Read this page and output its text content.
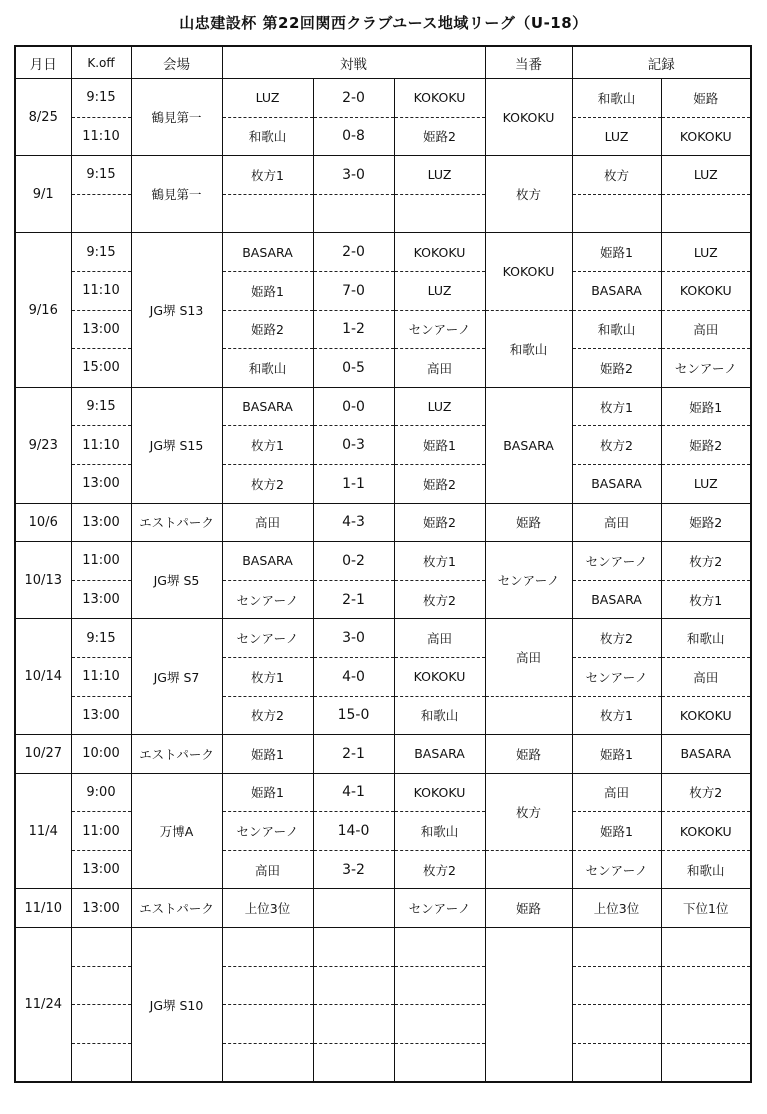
山忠建設杯 第22回関西クラブユース地域リーグ（U-18）
月日	K.off	会場	対戦			当番	記録	
8/25	9:15	鶴見第一	LUZ	2-0	KOKOKU	KOKOKU	和歌山	姫路
	11:10		和歌山	0-8	姫路2		LUZ	KOKOKU
9/1	9:15	鶴見第一	枚方1	3-0	LUZ	枚方	枚方	LUZ

9/16	9:15	JG堺 S13	BASARA	2-0	KOKOKU	KOKOKU	姫路1	LUZ
	11:10		姫路1	7-0	LUZ		BASARA	KOKOKU
	13:00		姫路2	1-2	センアーノ	和歌山	和歌山	高田
	15:00		和歌山	0-5	高田		姫路2	センアーノ
9/23	9:15	JG堺 S15	BASARA	0-0	LUZ	BASARA	枚方1	姫路1
	11:10		枚方1	0-3	姫路1		枚方2	姫路2
	13:00		枚方2	1-1	姫路2		BASARA	LUZ
10/6	13:00	エストパーク	高田	4-3	姫路2	姫路	高田	姫路2
10/13	11:00	JG堺 S5	BASARA	0-2	枚方1	センアーノ	センアーノ	枚方2
	13:00		センアーノ	2-1	枚方2		BASARA	枚方1
10/14	9:15	JG堺 S7	センアーノ	3-0	高田	高田	枚方2	和歌山
	11:10		枚方1	4-0	KOKOKU		センアーノ	高田
	13:00		枚方2	15-0	和歌山		枚方1	KOKOKU
10/27	10:00	エストパーク	姫路1	2-1	BASARA	姫路	姫路1	BASARA
11/4	9:00	万博A	姫路1	4-1	KOKOKU	枚方	高田	枚方2
	11:00		センアーノ	14-0	和歌山		姫路1	KOKOKU
	13:00		高田	3-2	枚方2		センアーノ	和歌山
11/10	13:00	エストパーク	上位3位		センアーノ	姫路	上位3位	下位1位
11/24		JG堺 S10						
